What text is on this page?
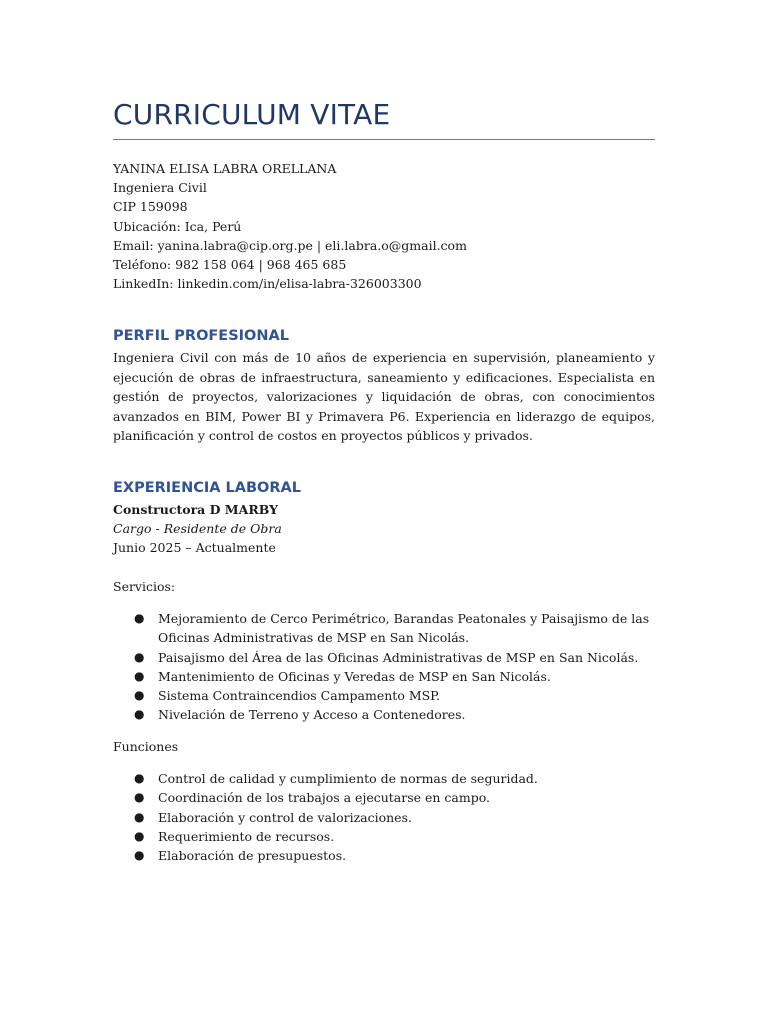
CURRICULUM VITAE
YANINA ELISA LABRA ORELLANA
Ingeniera Civil
CIP 159098
Ubicación: Ica, Perú
Email: yanina.labra@cip.org.pe | eli.labra.o@gmail.com
Teléfono: 982 158 064 | 968 465 685
LinkedIn: linkedin.com/in/elisa-labra-326003300
PERFIL PROFESIONAL

Ingeniera Civil con más de 10 años de experiencia en supervisión, planeamiento y ejecución de obras de infraestructura, saneamiento y edificaciones. Especialista en gestión de proyectos, valorizaciones y liquidación de obras, con conocimientos avanzados en BIM, Power BI y Primavera P6. Experiencia en liderazgo de equipos, planificación y control de costos en proyectos públicos y privados.

EXPERIENCIA LABORAL
Constructora D MARBY
Cargo - Residente de Obra
Junio 2025 – Actualmente
Servicios:
● Mejoramiento de Cerco Perimétrico, Barandas Peatonales y Paisajismo de las
Oficinas Administrativas de MSP en San Nicolás.
● Paisajismo del Área de las Oficinas Administrativas de MSP en San Nicolás.
● Mantenimiento de Oficinas y Veredas de MSP en San Nicolás.
● Sistema Contraincendios Campamento MSP.
● Nivelación de Terreno y Acceso a Contenedores.
Funciones
● Control de calidad y cumplimiento de normas de seguridad.
● Coordinación de los trabajos a ejecutarse en campo.
● Elaboración y control de valorizaciones.
● Requerimiento de recursos.
● Elaboración de presupuestos.
